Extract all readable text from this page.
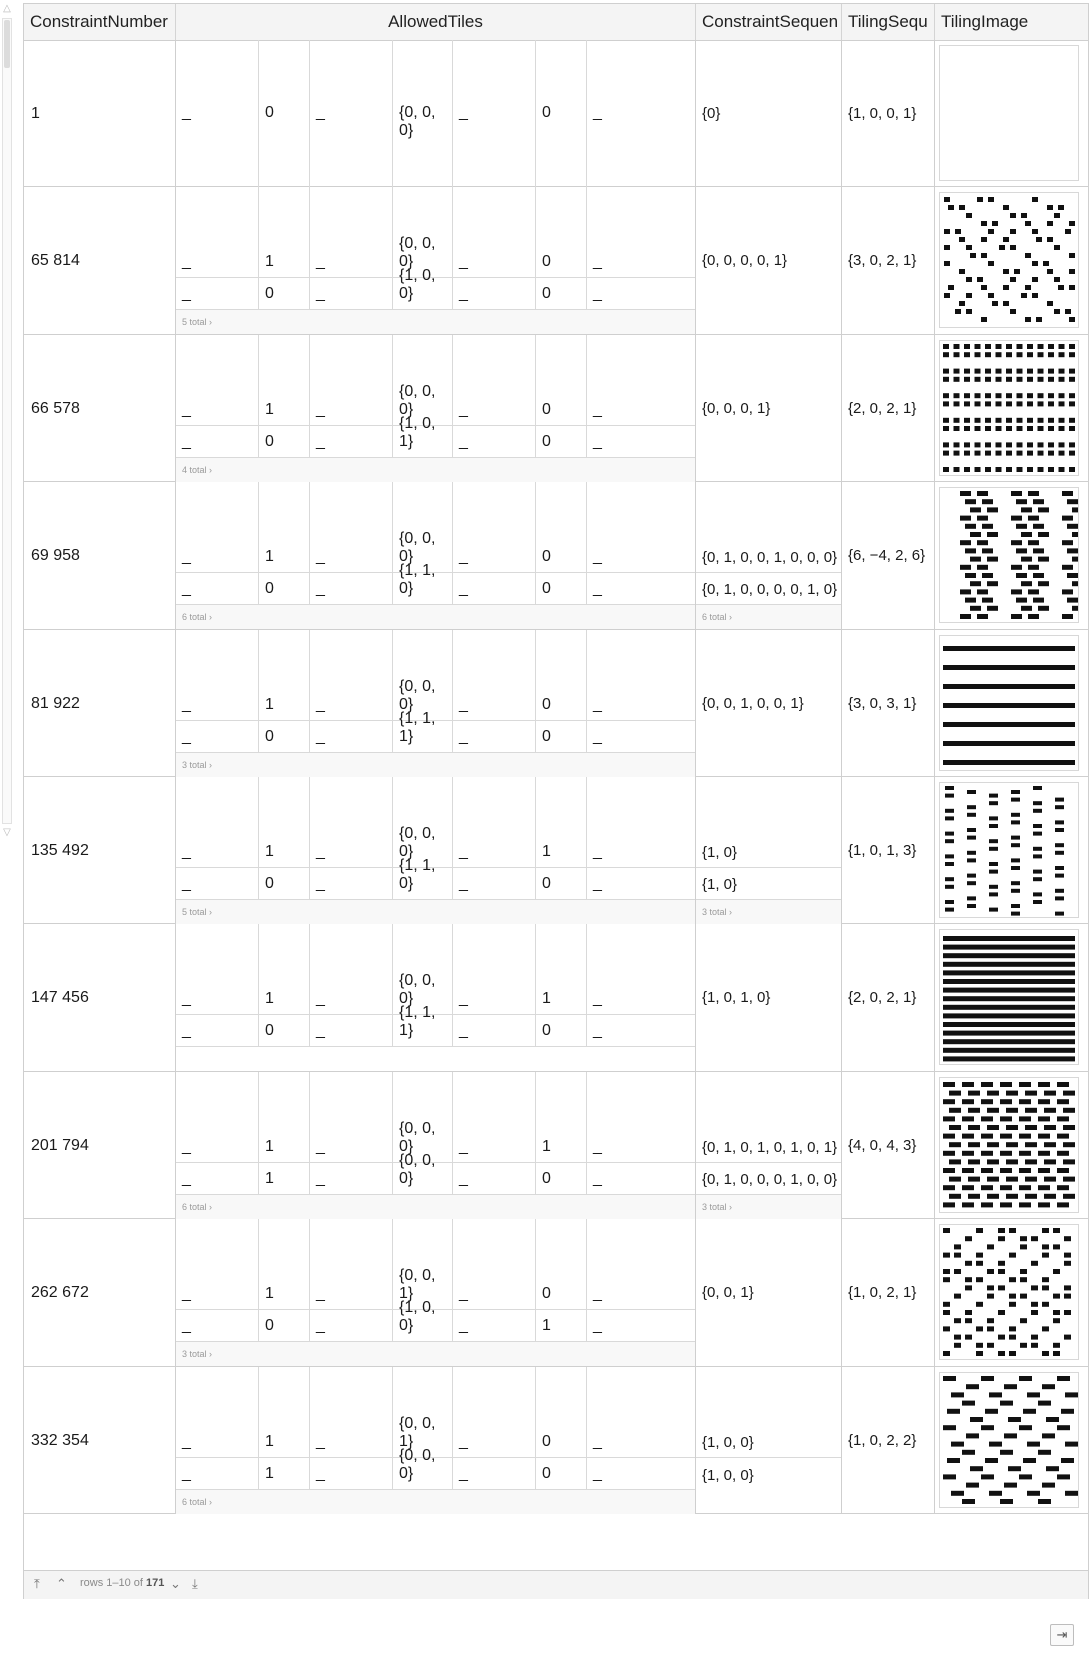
△
▽
ConstraintNumber	AllowedTiles	ConstraintSequen TilingSequ TilingImage
1	_	0	_	{0, 0, 0}
_	0	_	{0}	{1, 0, 0, 1}
65 814	_	1	_
{0, 0, 0}	_	0	_
_	0	_
{1, 0, 0}	_	0	_
5 total ›
{0, 0, 0, 0, 1}	{3, 0, 2, 1}
66 578	_	1	_
{0, 0, 0}	_	0	_
_	0	_
{1, 0, 1}	_	0	_
4 total ›
{0, 0, 0, 1}	{2, 0, 2, 1}
69 958	_	1	_
{0, 0, 0}	_	0	_
_	0	_
{1, 1, 0}	_	0	_
6 total ›
{0, 1, 0, 0, 1, 0, 0, 0}
{0, 1, 0, 0, 0, 0, 1, 0}
6 total ›
{6, −4, 2, 6}
81 922	_	1	_
{0, 0, 0}	_	0	_
_	0	_
{1, 1, 1}	_	0	_
3 total ›
{0, 0, 1, 0, 0, 1}	{3, 0, 3, 1}
135 492	_	1	_
{0, 0, 0}	_	1	_
_	0	_
{1, 1, 0}	_	0	_
5 total ›
{1, 0}
{1, 0}
3 total ›
{1, 0, 1, 3}
147 456	_	1	_
{0, 0, 0}	_	1	_
_	0	_
{1, 1, 1}	_	0	_
{1, 0, 1, 0}	{2, 0, 2, 1}
201 794	_	1	_
{0, 0, 0}	_	1	_
_	1	_
{0, 0, 0}	_	0	_
6 total ›
{0, 1, 0, 1, 0, 1, 0, 1}
{0, 1, 0, 0, 0, 1, 0, 0}
3 total ›
{4, 0, 4, 3}
262 672	_	1	_
{0, 0, 1}	_	0	_
_	0	_
{1, 0, 0}	_	1	_
3 total ›
{0, 0, 1}	{1, 0, 2, 1}
332 354	_	1	_
{0, 0, 1}	_	0	_
_	1	_
{0, 0, 0}	_	0	_
6 total ›
{1, 0, 0}
{1, 0, 0}
{1, 0, 2, 2}
⤒ ⌃ rows 1–10 of 171 ⌄ ⤓
⇥
